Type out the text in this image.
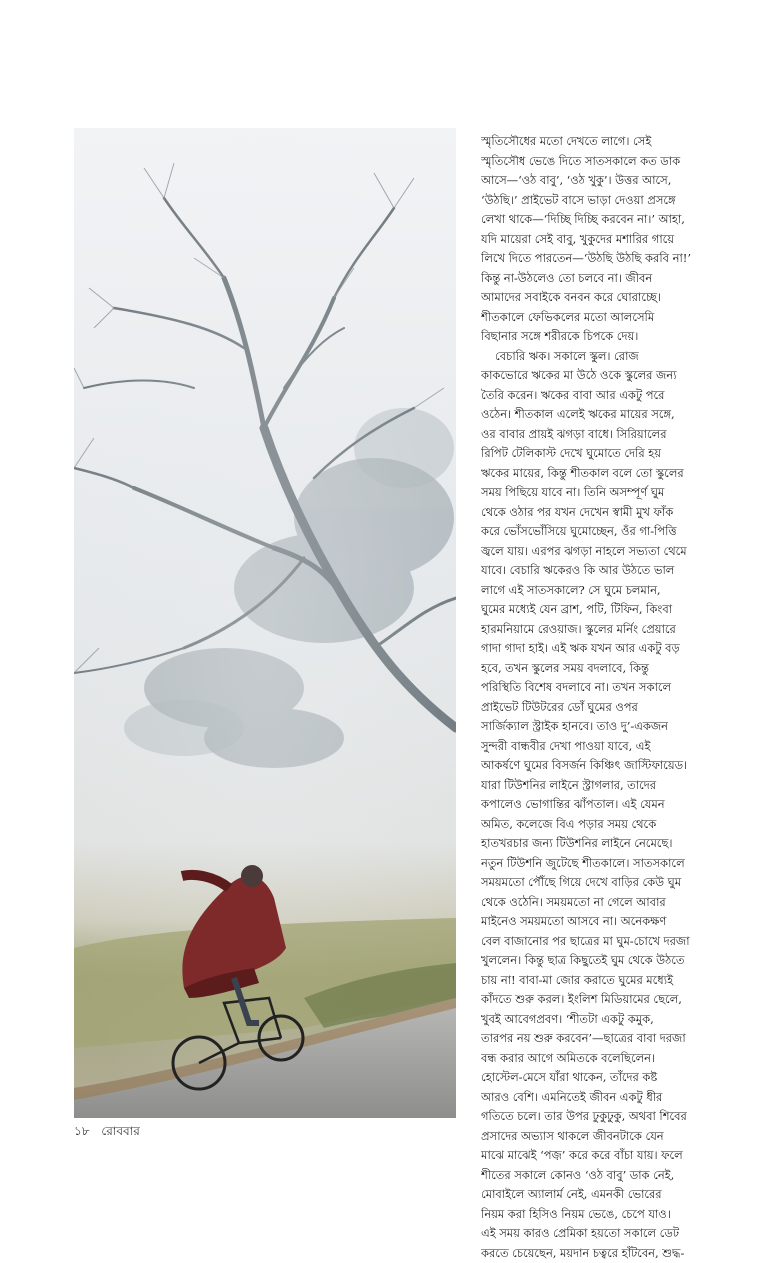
স্মৃতিসৌধের মতো দেখতে লাগে। সেই
স্মৃতিসৌধ ভেঙে দিতে সাতসকালে কত ডাক
আসে—‘ওঠ বাবু’, ‘ওঠ খুকু’। উত্তর আসে,
‘উঠছি।’ প্রাইভেট বাসে ভাড়া দেওয়া প্রসঙ্গে
লেখা থাকে—‘দিচ্ছি দিচ্ছি করবেন না।’ আহা,
যদি মায়েরা সেই বাবু, খুকুদের মশারির গায়ে
লিখে দিতে পারতেন—‘উঠছি উঠছি করবি না!’
কিন্তু না-উঠলেও তো চলবে না। জীবন
আমাদের সবাইকে বনবন করে ঘোরাচ্ছে।
শীতকালে ফেভিকলের মতো আলসেমি
বিছানার সঙ্গে শরীরকে চিপকে দেয়।
বেচারি ঋক। সকালে স্কুল। রোজ
কাকভোরে ঋকের মা উঠে ওকে স্কুলের জন্য
তৈরি করেন। ঋকের বাবা আর একটু পরে
ওঠেন। শীতকাল এলেই ঋকের মায়ের সঙ্গে,
ওর বাবার প্রায়ই ঝগড়া বাধে। সিরিয়ালের
রিপিট টেলিকাস্ট দেখে ঘুমোতে দেরি হয়
ঋকের মায়ের, কিন্তু শীতকাল বলে তো স্কুলের
সময় পিছিয়ে যাবে না। তিনি অসম্পূর্ণ ঘুম
থেকে ওঠার পর যখন দেখেন স্বামী মুখ ফাঁক
করে ভোঁসভোঁসিয়ে ঘুমোচ্ছেন, ওঁর গা-পিত্তি
জ্বলে যায়। এরপর ঝগড়া নাহলে সভ্যতা থেমে
যাবে। বেচারি ঋকেরও কি আর উঠতে ভাল
লাগে এই সাতসকালে? সে ঘুমে চলমান,
ঘুমের মধ্যেই যেন ব্রাশ, পটি, টিফিন, কিংবা
হারমনিয়ামে রেওয়াজ। স্কুলের মর্নিং প্রেয়ারে
গাদা গাদা হাই। এই ঋক যখন আর একটু বড়
হবে, তখন স্কুলের সময় বদলাবে, কিন্তু
পরিস্থিতি বিশেষ বদলাবে না। তখন সকালে
প্রাইভেট টিউটরের ডোঁ ঘুমের ওপর
সার্জিক্যাল স্ট্রাইক হানবে। তাও দু’-একজন
সুন্দরী বান্ধবীর দেখা পাওয়া যাবে, এই
আকর্ষণে ঘুমের বিসর্জন কিঞ্চিৎ জাস্টিফায়েড।
যারা টিউশনির লাইনে স্ট্রাগলার, তাদের
কপালেও ভোগান্তির ঝাঁপতাল। এই যেমন
অমিত, কলেজে বিএ পড়ার সময় থেকে
হাতখরচার জন্য টিউশনির লাইনে নেমেছে।
নতুন টিউশনি জুটেছে শীতকালে। সাতসকালে
সময়মতো পৌঁছে গিয়ে দেখে বাড়ির কেউ ঘুম
থেকে ওঠেনি। সময়মতো না গেলে আবার
মাইনেও সময়মতো আসবে না। অনেকক্ষণ
বেল বাজানোর পর ছাত্রের মা ঘুম-চোখে দরজা
খুললেন। কিন্তু ছাত্র কিছুতেই ঘুম থেকে উঠতে
চায় না! বাবা-মা জোর করাতে ঘুমের মধ্যেই
কাঁদতে শুরু করল। ইংলিশ মিডিয়ামের ছেলে,
খুবই আবেগপ্রবণ। ‘শীতটা একটু কমুক,
তারপর নয় শুরু করবেন’—ছাত্রের বাবা দরজা
বন্ধ করার আগে অমিতকে বলেছিলেন।
হোস্টেল-মেসে যাঁরা থাকেন, তাঁদের কষ্ট
আরও বেশি। এমনিতেই জীবন একটু ধীর
গতিতে চলে। তার উপর ঢুকুঢুকু, অথবা শিবের
প্রসাদের অভ্যাস থাকলে জীবনটাকে যেন
মাঝে মাঝেই ‘পজ়’ করে করে বাঁচা যায়। ফলে
শীতের সকালে কোনও ‘ওঠ বাবু’ ডাক নেই,
মোবাইলে অ্যালার্ম নেই, এমনকী ভোরের
নিয়ম করা হিসিও নিয়ম ভেঙে, চেপে যাও।
এই সময় কারও প্রেমিকা হয়তো সকালে ডেট
করতে চেয়েছেন, ময়দান চত্বরে হাঁটবেন, শুদ্ধ-
১৮ রোববার
